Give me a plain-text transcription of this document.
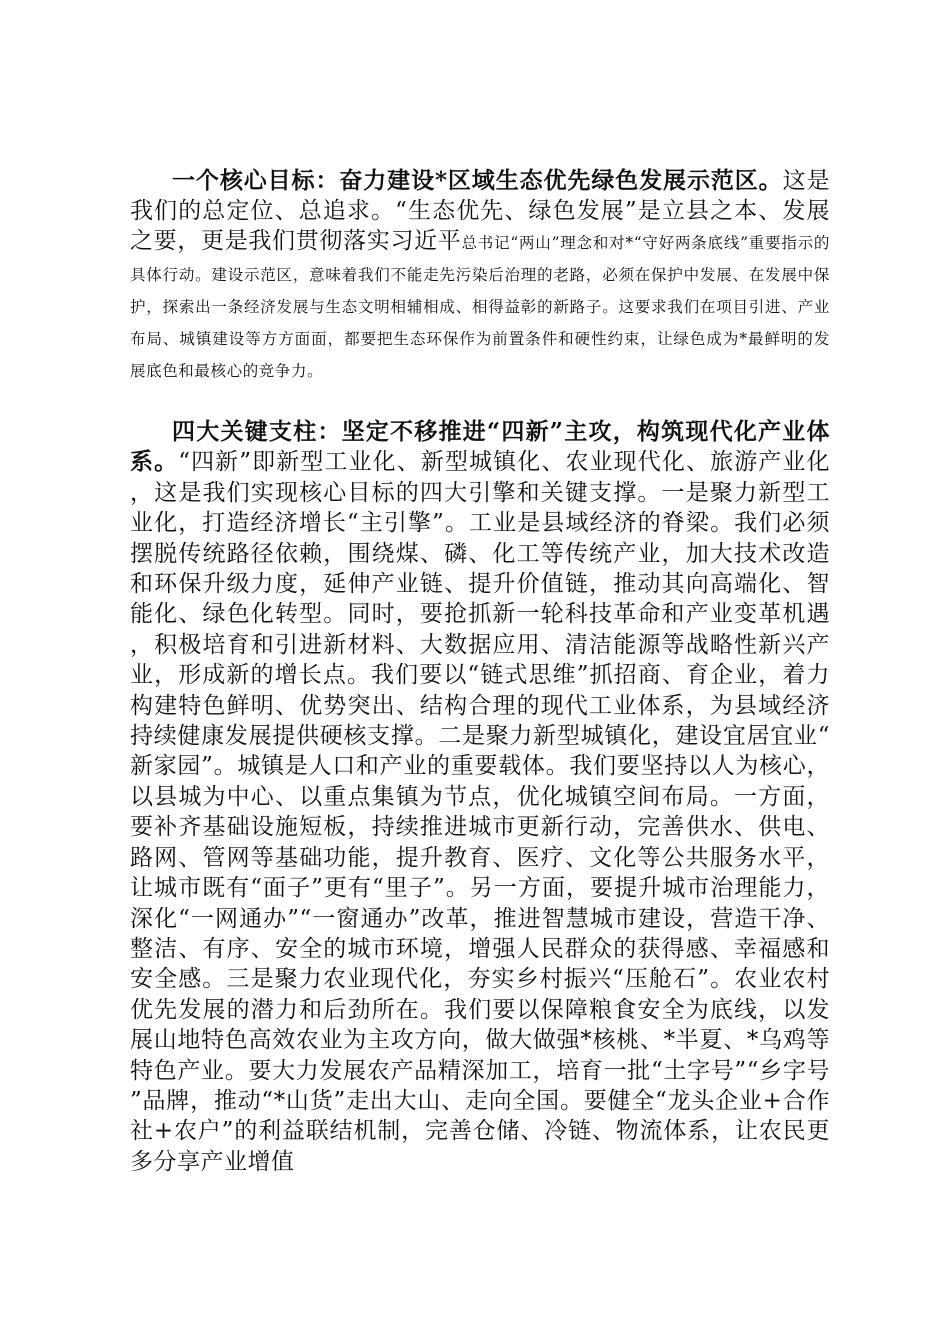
一个核心目标：奋力建设*区域生态优先绿色发展示范区。这是我们的总定位、总追求。“生态优先、绿色发展”是立县之本、发展之要，更是我们贯彻落实习近平总书记“两山”理念和对*“守好两条底线”重要指示的具体行动。建设示范区，意味着我们不能走先污染后治理的老路，必须在保护中发展、在发展中保护，探索出一条经济发展与生态文明相辅相成、相得益彰的新路子。这要求我们在项目引进、产业布局、城镇建设等方方面面，都要把生态环保作为前置条件和硬性约束，让绿色成为*最鲜明的发展底色和最核心的竞争力。

四大关键支柱：坚定不移推进“四新”主攻，构筑现代化产业体系。“四新”即新型工业化、新型城镇化、农业现代化、旅游产业化，这是我们实现核心目标的四大引擎和关键支撑。一是聚力新型工业化，打造经济增长“主引擎”。工业是县域经济的脊梁。我们必须摆脱传统路径依赖，围绕煤、磷、化工等传统产业，加大技术改造和环保升级力度，延伸产业链、提升价值链，推动其向高端化、智能化、绿色化转型。同时，要抢抓新一轮科技革命和产业变革机遇，积极培育和引进新材料、大数据应用、清洁能源等战略性新兴产业，形成新的增长点。我们要以“链式思维”抓招商、育企业，着力构建特色鲜明、优势突出、结构合理的现代工业体系，为县域经济持续健康发展提供硬核支撑。二是聚力新型城镇化，建设宜居宜业“新家园”。城镇是人口和产业的重要载体。我们要坚持以人为核心，以县城为中心、以重点集镇为节点，优化城镇空间布局。一方面，要补齐基础设施短板，持续推进城市更新行动，完善供水、供电、路网、管网等基础功能，提升教育、医疗、文化等公共服务水平，让城市既有“面子”更有“里子”。另一方面，要提升城市治理能力，深化“一网通办”“一窗通办”改革，推进智慧城市建设，营造干净、整洁、有序、安全的城市环境，增强人民群众的获得感、幸福感和安全感。三是聚力农业现代化，夯实乡村振兴“压舱石”。农业农村优先发展的潜力和后劲所在。我们要以保障粮食安全为底线，以发展山地特色高效农业为主攻方向，做大做强*核桃、*半夏、*乌鸡等特色产业。要大力发展农产品精深加工，培育一批“土字号”“乡字号”品牌，推动“*山货”走出大山、走向全国。要健全“龙头企业+合作社+农户”的利益联结机制，完善仓储、冷链、物流体系，让农民更多分享产业增值
